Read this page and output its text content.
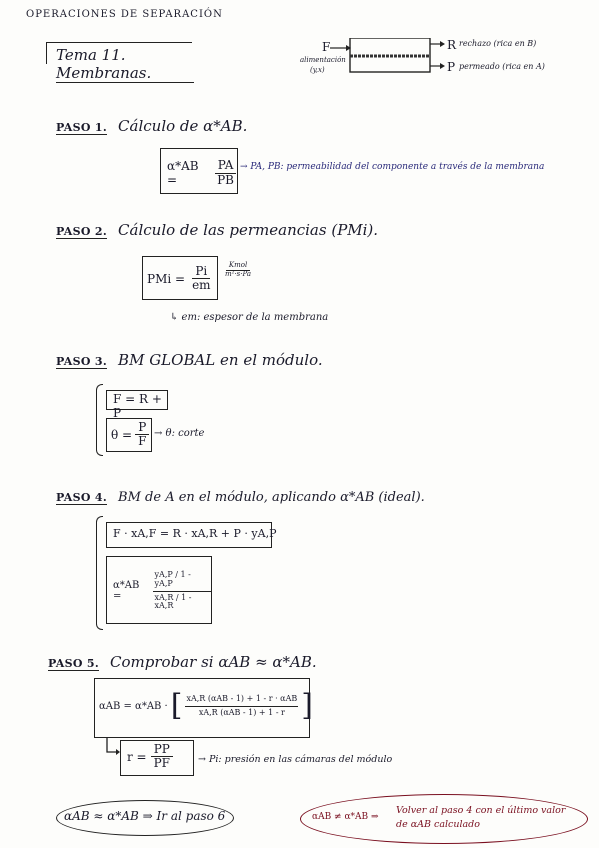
OPERACIONES DE SEPARACIÓN
Tema 11. Membranas.
F
alimentación
(y,x)
R rechazo (rica en B)
P permeado (rica en A)
PASO 1. Cálculo de α*AB.
α*AB =	$\frac{PA}{PB}$ → PA, PB: permeabilidad del componente a través de la membrana
PASO 2. Cálculo de las permeancias (PMi).
PMi = $\frac{Pi}{em} \frac{\text{Kmol}}{\text{m²·s·Pa}}$
↳ em: espesor de la membrana
PASO 3. BM GLOBAL en el módulo.
F = R + P
$\theta = \frac{P}{F} \to \theta$: corte
PASO 4. BM de A en el módulo, aplicando α*AB (ideal).
F · xA,F = R · xA,R + P · yA,P
α*AB =	$\frac{yA,P / 1 - yA,P}{xA,R / 1 - xA,R}$
PASO 5. Comprobar si αAB ≈ α*AB.
αAB = α*AB · [ $\frac{\text{xA,R (αAB - 1) + 1 - r · αAB}}{\text{xA,R (αAB - 1) + 1 - r}}$ ]
$r = \frac{PP}{PF}$	→ Pi: presión en las cámaras del módulo
αAB ≈ α*AB ⇒ Ir al paso 6	αAB ≠ α*AB ⇒
Volver al paso 4 con el último valor de αAB calculado
